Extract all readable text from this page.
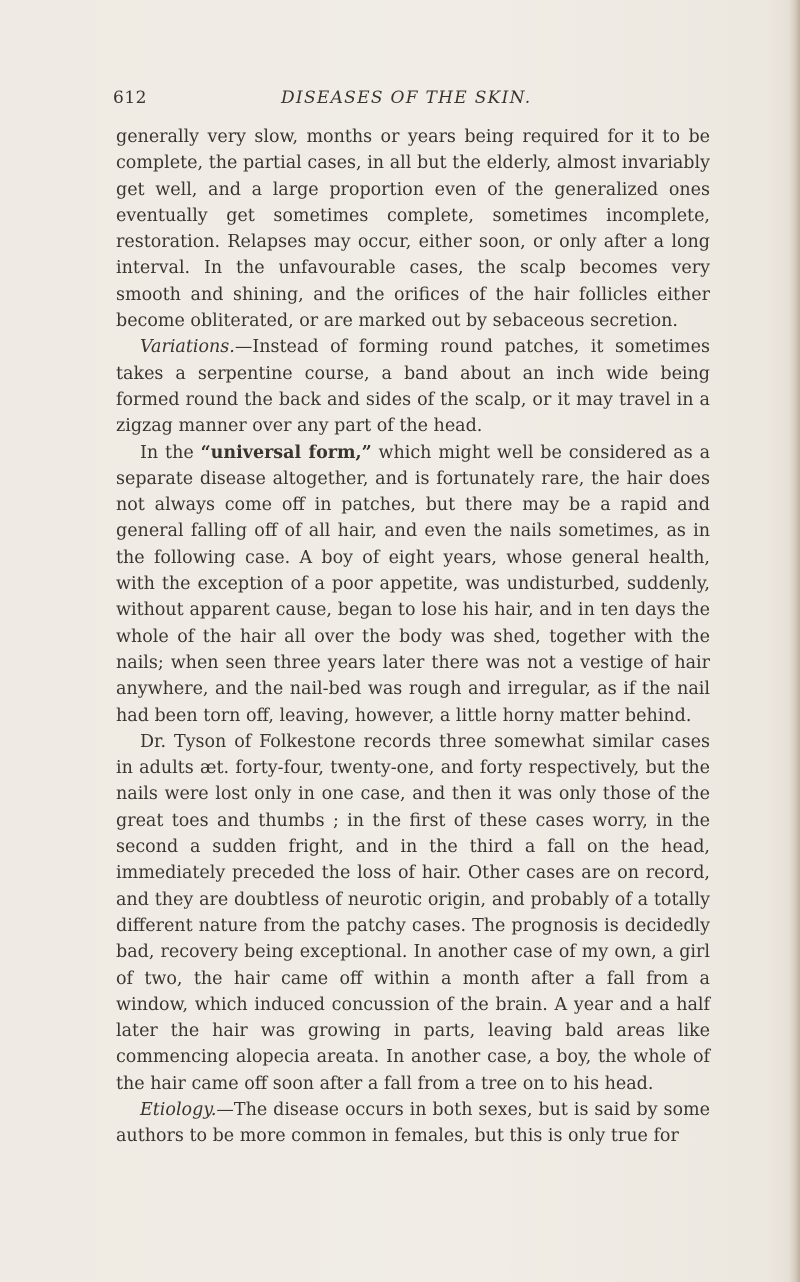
612	DISEASES OF THE SKIN.

generally very slow, months or years being required for it to be complete, the partial cases, in all but the elderly, almost invariably get well, and a large proportion even of the generalized ones eventually get sometimes complete, sometimes incomplete, restoration. Relapses may occur, either soon, or only after a long interval. In the unfavourable cases, the scalp becomes very smooth and shining, and the orifices of the hair follicles either become obliterated, or are marked out by sebaceous secretion.

Variations.—Instead of forming round patches, it sometimes takes a serpentine course, a band about an inch wide being formed round the back and sides of the scalp, or it may travel in a zigzag manner over any part of the head.

In the “universal form,” which might well be considered as a separate disease altogether, and is fortunately rare, the hair does not always come off in patches, but there may be a rapid and general falling off of all hair, and even the nails sometimes, as in the following case. A boy of eight years, whose general health, with the exception of a poor appetite, was undisturbed, suddenly, without apparent cause, began to lose his hair, and in ten days the whole of the hair all over the body was shed, together with the nails; when seen three years later there was not a vestige of hair anywhere, and the nail-bed was rough and irregular, as if the nail had been torn off, leaving, however, a little horny matter behind.

Dr. Tyson of Folkestone records three somewhat similar cases in adults æt. forty-four, twenty-one, and forty respectively, but the nails were lost only in one case, and then it was only those of the great toes and thumbs ; in the first of these cases worry, in the second a sudden fright, and in the third a fall on the head, immediately preceded the loss of hair. Other cases are on record, and they are doubtless of neurotic origin, and probably of a totally different nature from the patchy cases. The prognosis is decidedly bad, recovery being exceptional. In another case of my own, a girl of two, the hair came off within a month after a fall from a window, which induced concussion of the brain. A year and a half later the hair was growing in parts, leaving bald areas like commencing alopecia areata. In another case, a boy, the whole of the hair came off soon after a fall from a tree on to his head.

Etiology.—The disease occurs in both sexes, but is said by some authors to be more common in females, but this is only true for
